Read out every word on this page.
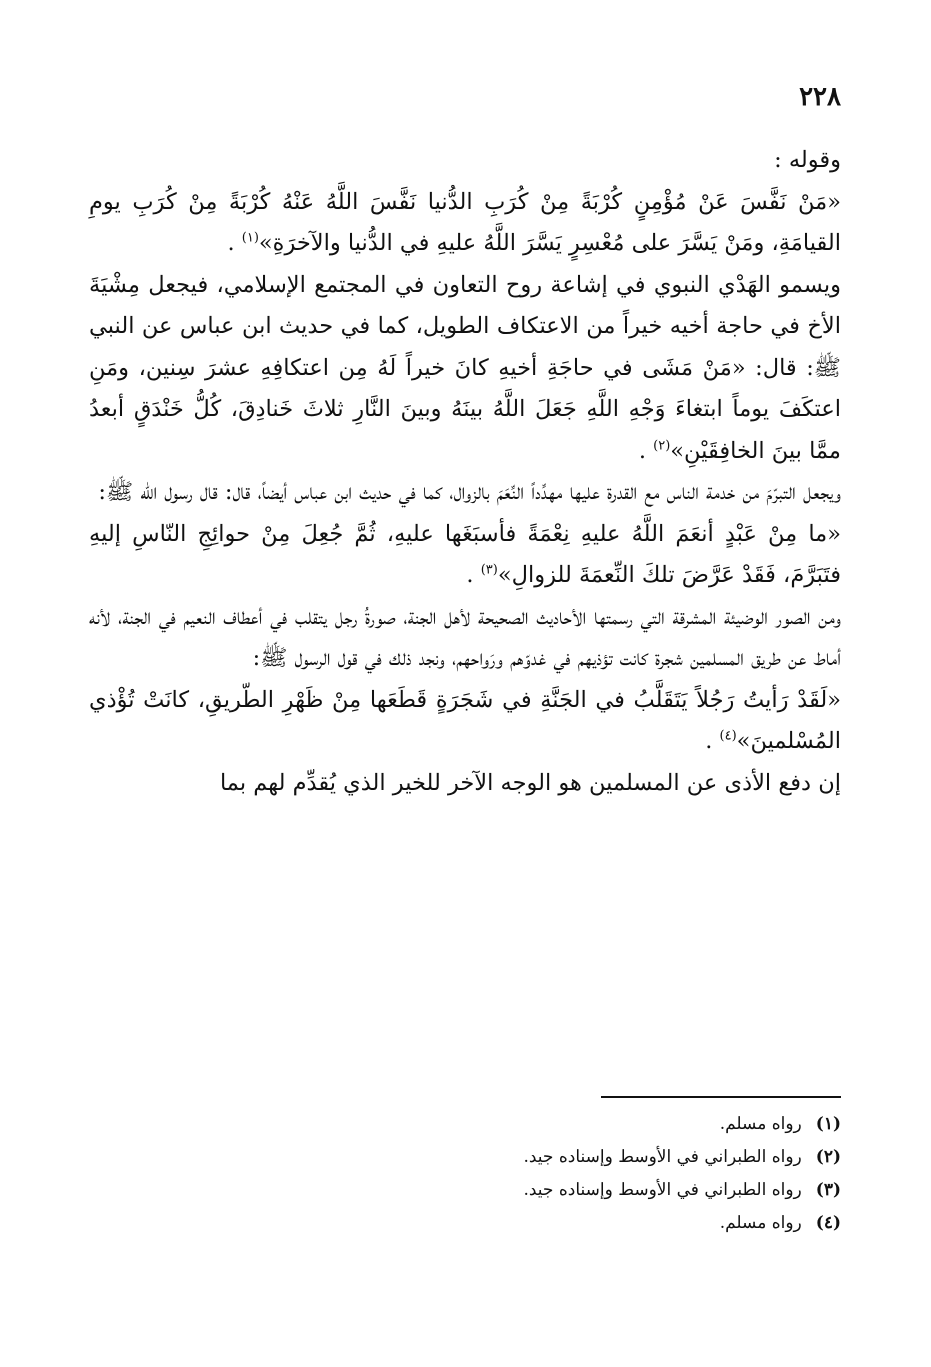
٢٢٨

وقوله :

«مَنْ نَفَّسَ عَنْ مُؤْمِنٍ كُرْبَةً مِنْ كُرَبِ الدُّنيا نَفَّسَ اللَّهُ عَنْهُ كُرْبَةً مِنْ كُرَبِ يومِ القيامَةِ، ومَنْ يَسَّرَ على مُعْسِرٍ يَسَّرَ اللَّهُ عليهِ في الدُّنيا والآخرَةِ»$^{(١)}$ .

ويسمو الهَدْي النبوي في إشاعة روح التعاون في المجتمع الإسلامي، فيجعل مِشْيَةَ الأخ في حاجة أخيه خيراً من الاعتكاف الطويل، كما في حديث ابن عباس عن النبي ﷺ: قال: «مَنْ مَشَى في حاجَةِ أخيهِ كانَ خيراً لَهُ مِن اعتكافِهِ عشرَ سِنين، ومَنِ اعتكَفَ يوماً ابتغاءَ وَجْهِ اللَّهِ جَعَلَ اللَّهُ بينَهُ وبينَ النَّارِ ثلاثَ خَنادِقَ، كُلُّ خَنْدَقٍ أبعدُ ممَّا بينَ الخافِقَيْنِ»$^{(٢)}$ .

ويجعل التبرّمَ من خدمة الناس مع القدرة عليها مهدِّداً النِّعَمَ بالزوال، كما في حديث ابن عباس أيضاً، قال: قال رسول الله ﷺ:

«ما مِنْ عَبْدٍ أنعَمَ اللَّهُ عليهِ نِعْمَةً فأسبَغَها عليهِ، ثُمَّ جُعِلَ مِنْ حوائِجِ النّاسِ إليهِ فتَبَرَّمَ، فَقَدْ عَرَّضَ تلكَ النِّعمَةَ للزوالِ»$^{(٣)}$ .

ومن الصور الوضيئة المشرقة التي رسمتها الأحاديث الصحيحة لأهل الجنة، صورةُ رجل يتقلب في أعطاف النعيم في الجنة، لأنه أماط عن طريق المسلمين شجرة كانت تؤذيهم في غدوّهم ورَواحهم، ونجد ذلك في قول الرسول ﷺ:

«لَقَدْ رَأيتُ رَجُلاً يَتَقَلَّبُ في الجَنَّةِ في شَجَرَةٍ قَطَعَها مِنْ ظَهْرِ الطّريقِ، كانَتْ تُؤْذي المُسْلمينَ»$^{(٤)}$ .

إن دفع الأذى عن المسلمين هو الوجه الآخر للخير الذي يُقدِّم لهم بما

(١)
رواه مسلم.
(٢)
رواه الطبراني في الأوسط وإسناده جيد.
(٣)
رواه الطبراني في الأوسط وإسناده جيد.
(٤)
رواه مسلم.
